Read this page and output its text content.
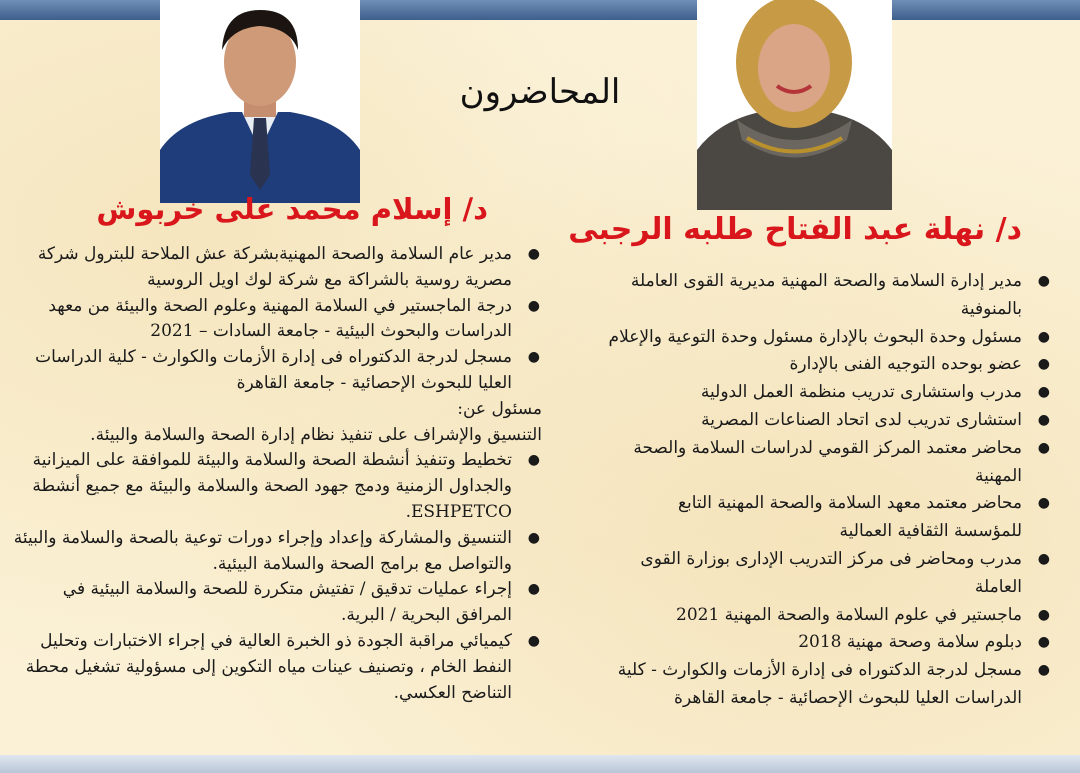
المحاضرون
د/ إسلام محمد على خربوش
د/ نهلة عبد الفتاح طلبه الرجبى
●
مدير عام السلامة والصحة المهنيةبشركة عش الملاحة للبترول شركة مصرية روسية بالشراكة مع شركة لوك اويل الروسية
●
درجة الماجستير في السلامة المهنية وعلوم الصحة والبيئة من معهد الدراسات والبحوث البيئية - جامعة السادات – 2021
●
مسجل لدرجة الدكتوراه فى إدارة الأزمات والكوارث - كلية الدراسات العليا للبحوث الإحصائية - جامعة القاهرة
مسئول عن:
التنسيق والإشراف على تنفيذ نظام إدارة الصحة والسلامة والبيئة.
●
تخطيط وتنفيذ أنشطة الصحة والسلامة والبيئة للموافقة على الميزانية والجداول الزمنية ودمج جهود الصحة والسلامة والبيئة مع جميع أنشطة ESHPETCO.
●
التنسيق والمشاركة وإعداد وإجراء دورات توعية بالصحة والسلامة والبيئة والتواصل مع برامج الصحة والسلامة البيئية.
●
إجراء عمليات تدقيق / تفتيش متكررة للصحة والسلامة البيئية في المرافق البحرية / البرية.
●
كيميائي مراقبة الجودة ذو الخبرة العالية في إجراء الاختبارات وتحليل النفط الخام ، وتصنيف عينات مياه التكوين إلى مسؤولية تشغيل محطة التناضح العكسي.
●
مدير إدارة السلامة والصحة المهنية مديرية القوى العاملة بالمنوفية
●
مسئول وحدة البحوث بالإدارة مسئول وحدة التوعية والإعلام
●
عضو بوحده التوجيه الفنى بالإدارة
●
مدرب واستشارى تدريب منظمة العمل الدولية
●
استشارى تدريب لدى اتحاد الصناعات المصرية
●
محاضر معتمد المركز القومي لدراسات السلامة والصحة المهنية
●
محاضر معتمد معهد السلامة والصحة المهنية التابع للمؤسسة الثقافية العمالية
●
مدرب ومحاضر فى مركز التدريب الإدارى بوزارة القوى العاملة
●
ماجستير في علوم السلامة والصحة المهنية 2021
●
دبلوم سلامة وصحة مهنية 2018
●
مسجل لدرجة الدكتوراه فى إدارة الأزمات والكوارث - كلية الدراسات العليا للبحوث الإحصائية - جامعة القاهرة
